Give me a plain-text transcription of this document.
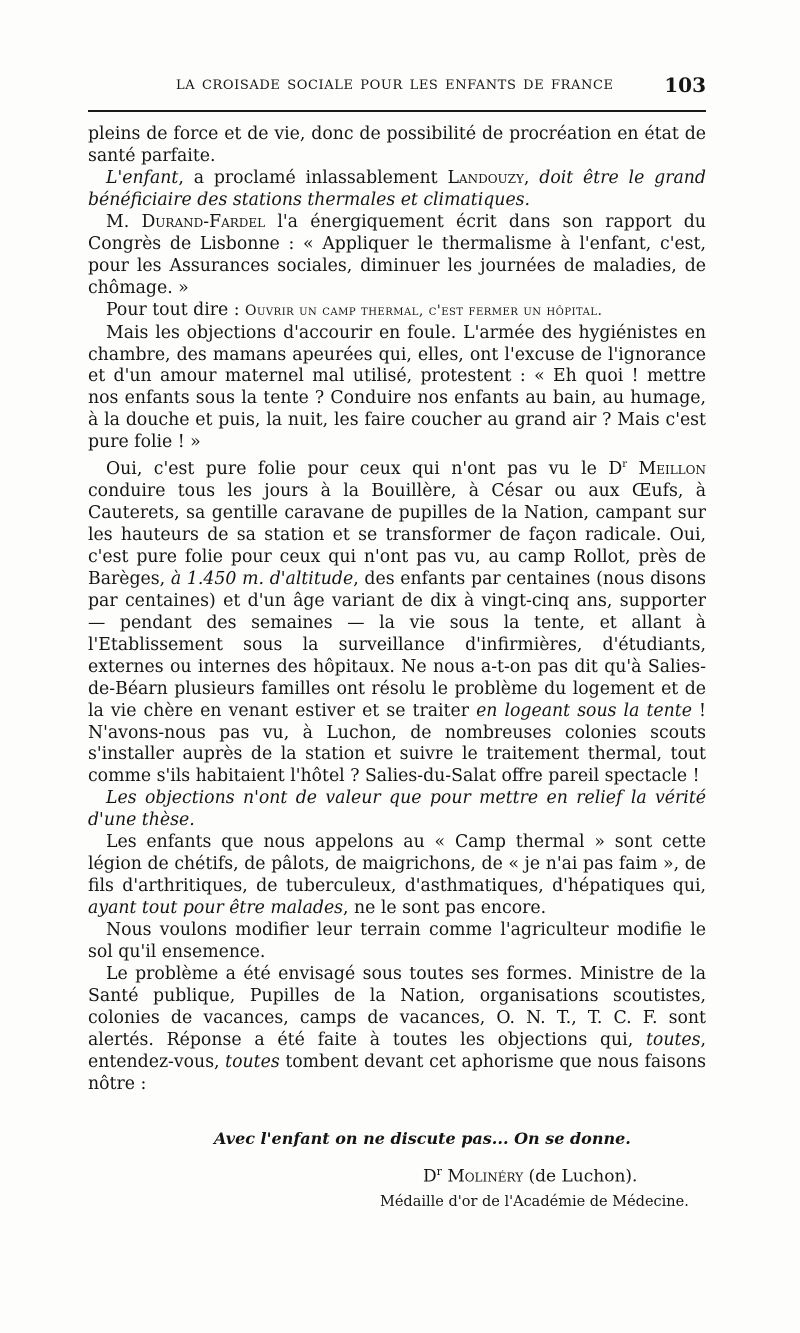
LA CROISADE SOCIALE POUR LES ENFANTS DE FRANCE	103

pleins de force et de vie, donc de possibilité de procréation en état de santé parfaite.

L'enfant, a proclamé inlassablement Landouzy, doit être le grand bénéficiaire des stations thermales et climatiques.

M. Durand-Fardel l'a énergiquement écrit dans son rapport du Congrès de Lisbonne : « Appliquer le thermalisme à l'enfant, c'est, pour les Assurances sociales, diminuer les journées de maladies, de chômage. »

Pour tout dire : Ouvrir un camp thermal, c'est fermer un hôpital.

Mais les objections d'accourir en foule. L'armée des hygiénistes en chambre, des mamans apeurées qui, elles, ont l'excuse de l'ignorance et d'un amour maternel mal utilisé, protestent : « Eh quoi ! mettre nos enfants sous la tente ? Conduire nos enfants au bain, au humage, à la douche et puis, la nuit, les faire coucher au grand air ? Mais c'est pure folie ! »

Oui, c'est pure folie pour ceux qui n'ont pas vu le $D^r$ Meillon conduire tous les jours à la Bouillère, à César ou aux Œufs, à Cauterets, sa gentille caravane de pupilles de la Nation, campant sur les hauteurs de sa station et se transformer de façon radicale. Oui, c'est pure folie pour ceux qui n'ont pas vu, au camp Rollot, près de Barèges, à 1.450 m. d'altitude, des enfants par centaines (nous disons par centaines) et d'un âge variant de dix à vingt-cinq ans, supporter — pendant des semaines — la vie sous la tente, et allant à l'Etablissement sous la surveillance d'infirmières, d'étudiants, externes ou internes des hôpitaux. Ne nous a-t-on pas dit qu'à Salies-de-Béarn plusieurs familles ont résolu le problème du logement et de la vie chère en venant estiver et se traiter en logeant sous la tente ! N'avons-nous pas vu, à Luchon, de nombreuses colonies scouts s'installer auprès de la station et suivre le traitement thermal, tout comme s'ils habitaient l'hôtel ? Salies-du-Salat offre pareil spectacle !

Les objections n'ont de valeur que pour mettre en relief la vérité d'une thèse.

Les enfants que nous appelons au « Camp thermal » sont cette légion de chétifs, de pâlots, de maigrichons, de « je n'ai pas faim », de fils d'arthritiques, de tuberculeux, d'asthmatiques, d'hépatiques qui, ayant tout pour être malades, ne le sont pas encore.

Nous voulons modifier leur terrain comme l'agriculteur modifie le sol qu'il ensemence.

Le problème a été envisagé sous toutes ses formes. Ministre de la Santé publique, Pupilles de la Nation, organisations scoutistes, colonies de vacances, camps de vacances, O. N. T., T. C. F. sont alertés. Réponse a été faite à toutes les objections qui, toutes, entendez-vous, toutes tombent devant cet aphorisme que nous faisons nôtre :

Avec l'enfant on ne discute pas... On se donne.
$D^r$ Molinéry (de Luchon).
Médaille d'or de l'Académie de Médecine.
